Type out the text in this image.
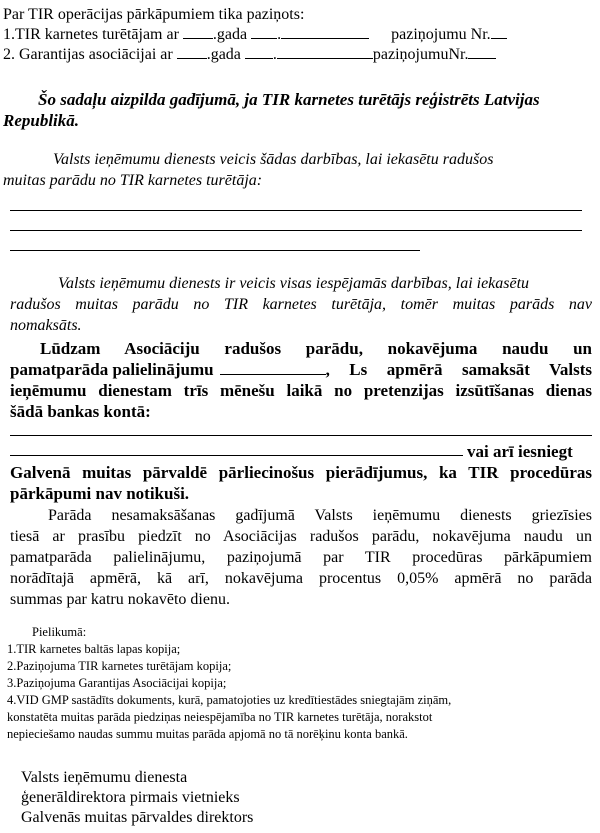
Par TIR operācijas pārkāpumiem tika paziņots:
1.TIR karnetes turētājam ar .gada .	paziņojumu Nr.
2. Garantijas asociācijai ar .gada .	paziņojumuNr.
Šo sadaļu aizpilda gadījumā, ja TIR karnetes turētājs reģistrēts Latvijas
Republikā.
Valsts ieņēmumu dienests veicis šādas darbības, lai iekasētu radušos
muitas parādu no TIR karnetes turētāja:
Valsts ieņēmumu dienests ir veicis visas iespējamās darbības, lai iekasētu
radušos muitas parādu no TIR karnetes turētāja, tomēr muitas parāds nav
nomaksāts.
Lūdzam Asociāciju radušos parādu, nokavējuma naudu un
pamatparāda palielinājumu	, Ls apmērā samaksāt Valsts
ieņēmumu dienestam trīs mēnešu laikā no pretenzijas izsūtīšanas dienas
šādā bankas kontā:
vai arī iesniegt
Galvenā muitas pārvaldē pārliecinošus pierādījumus, ka TIR procedūras
pārkāpumi nav notikuši.
Parāda nesamaksāšanas gadījumā Valsts ieņēmumu dienests griezīsies
tiesā ar prasību piedzīt no Asociācijas radušos parādu, nokavējuma naudu un
pamatparāda palielinājumu, paziņojumā par TIR procedūras pārkāpumiem
norādītajā apmērā, kā arī, nokavējuma procentus 0,05% apmērā no parāda
summas par katru nokavēto dienu.
Pielikumā:
1.TIR karnetes baltās lapas kopija;
2.Paziņojuma TIR karnetes turētājam kopija;
3.Paziņojuma Garantijas Asociācijai kopija;
4.VID GMP sastādīts dokuments, kurā, pamatojoties uz kredītiestādes sniegtajām ziņām,
konstatēta muitas parāda piedziņas neiespējamība no TIR karnetes turētāja, norakstot
nepieciešamo naudas summu muitas parāda apjomā no tā norēķinu konta bankā.
Valsts ieņēmumu dienesta
ģenerāldirektora pirmais vietnieks
Galvenās muitas pārvaldes direktors
